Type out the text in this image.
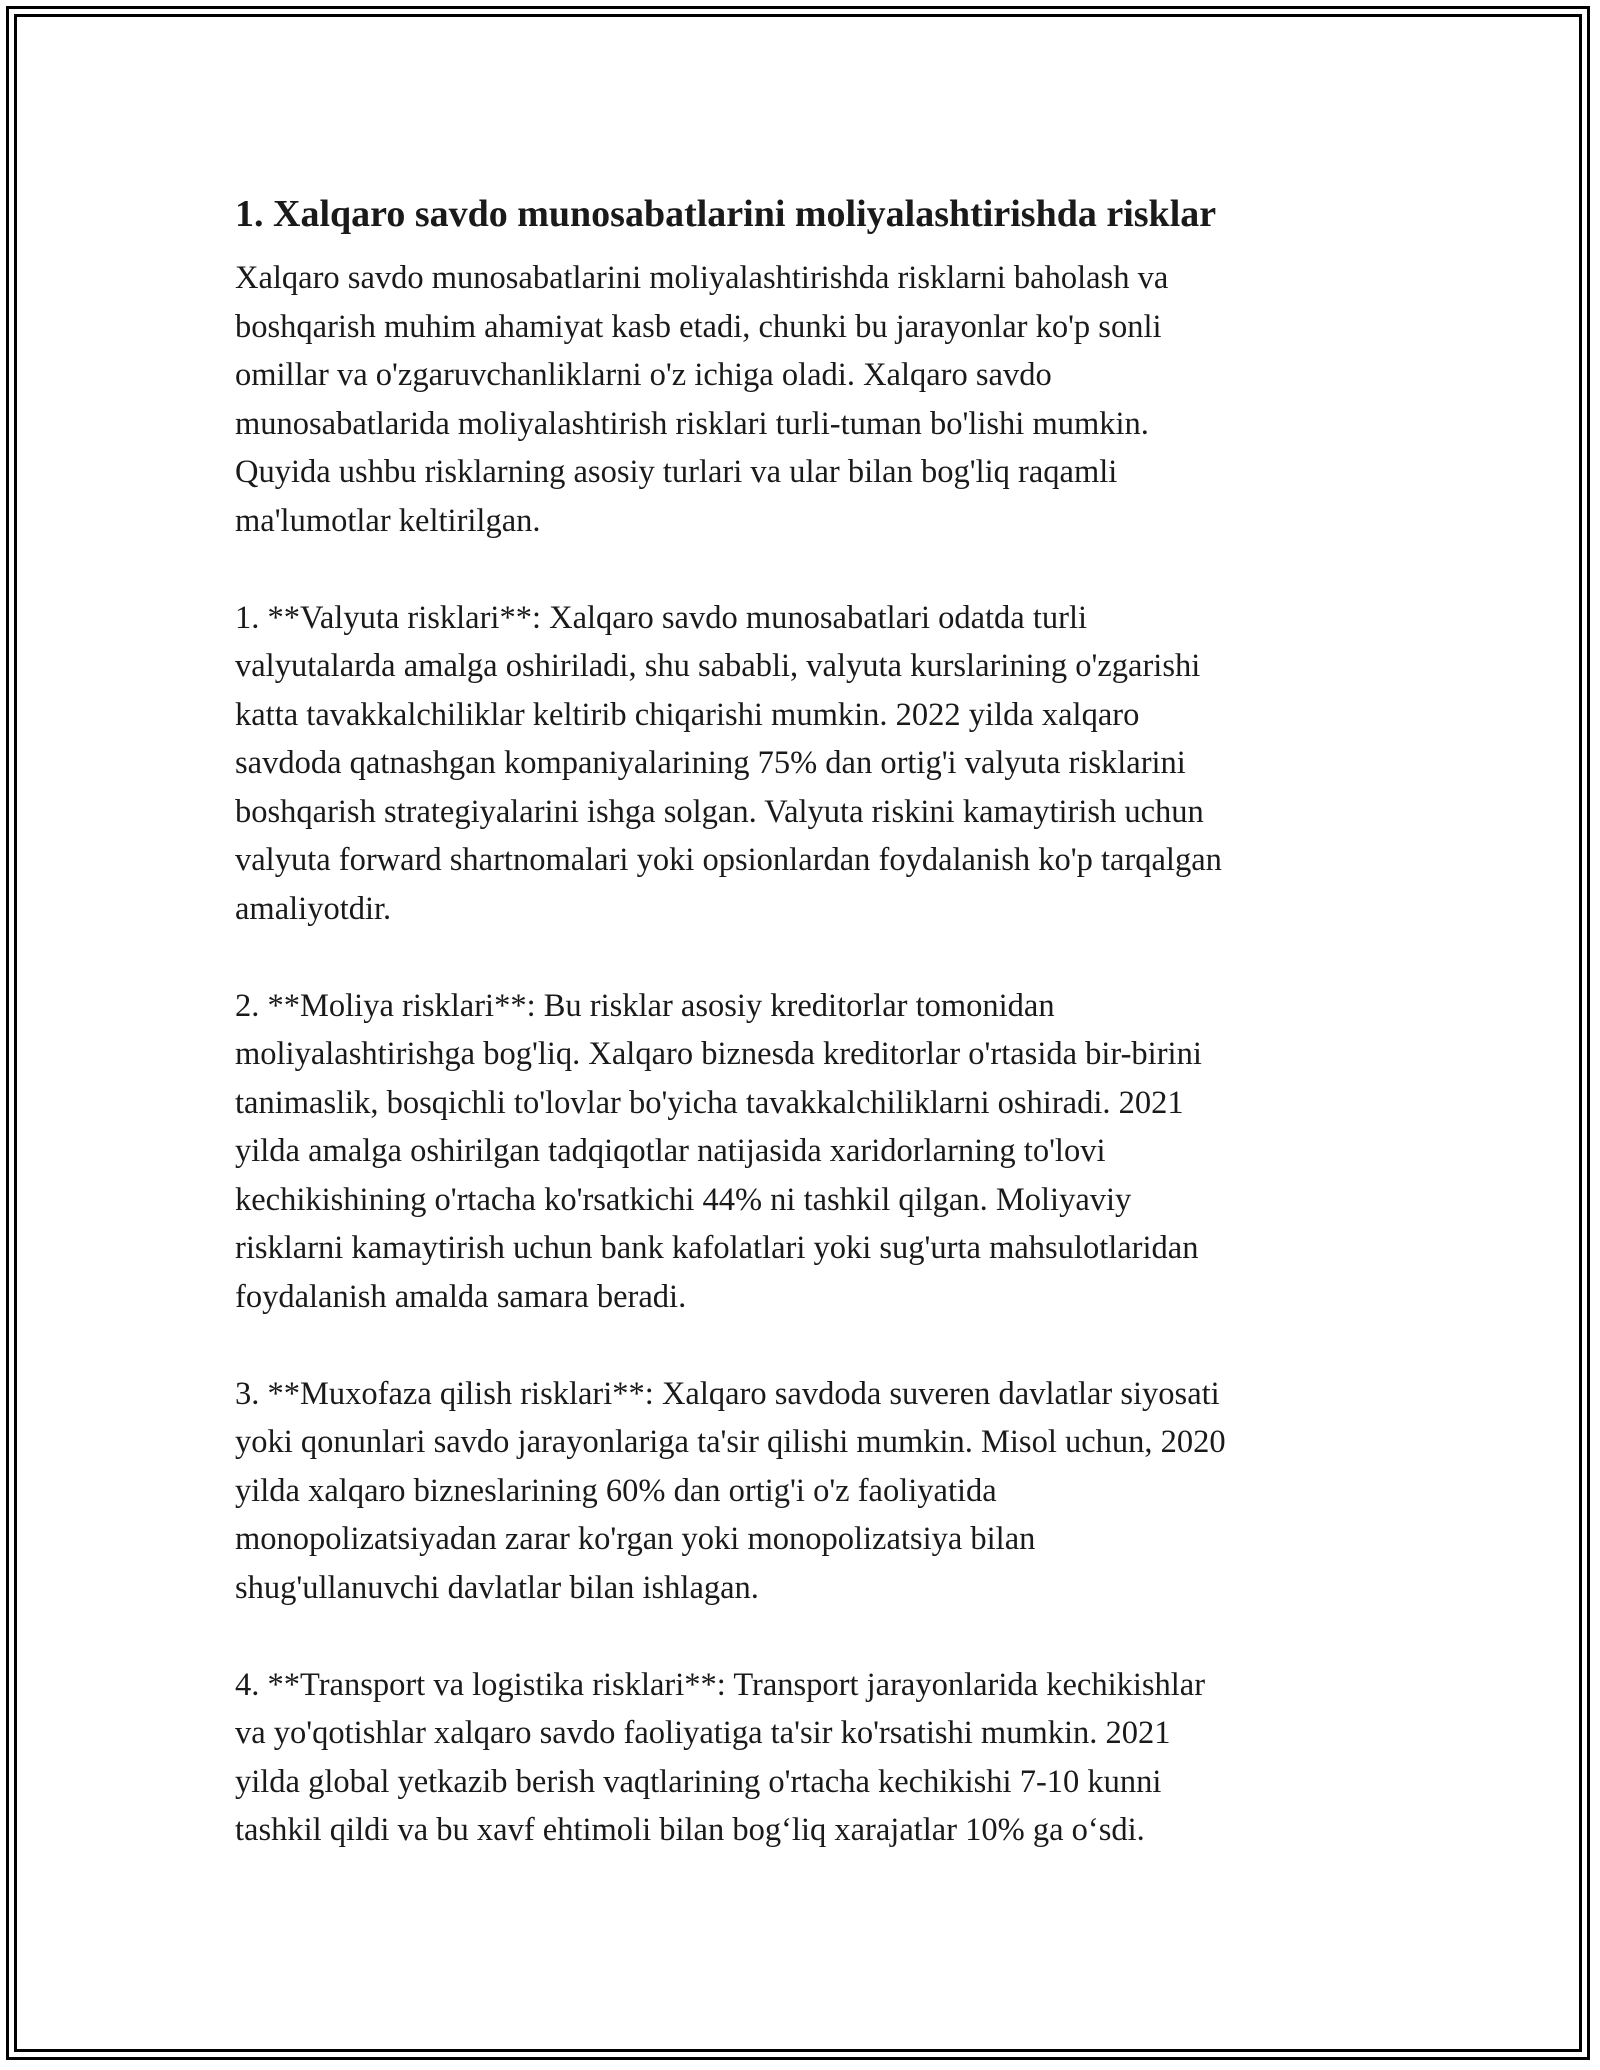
1. Xalqaro savdo munosabatlarini moliyalashtirishda risklar
Xalqaro savdo munosabatlarini moliyalashtirishda risklarni baholash va
boshqarish muhim ahamiyat kasb etadi, chunki bu jarayonlar ko'p sonli
omillar va o'zgaruvchanliklarni o'z ichiga oladi. Xalqaro savdo
munosabatlarida moliyalashtirish risklari turli-tuman bo'lishi mumkin.
Quyida ushbu risklarning asosiy turlari va ular bilan bog'liq raqamli
ma'lumotlar keltirilgan.
1. **Valyuta risklari**: Xalqaro savdo munosabatlari odatda turli
valyutalarda amalga oshiriladi, shu sababli, valyuta kurslarining o'zgarishi
katta tavakkalchiliklar keltirib chiqarishi mumkin. 2022 yilda xalqaro
savdoda qatnashgan kompaniyalarining 75% dan ortig'i valyuta risklarini
boshqarish strategiyalarini ishga solgan. Valyuta riskini kamaytirish uchun
valyuta forward shartnomalari yoki opsionlardan foydalanish ko'p tarqalgan
amaliyotdir.
2. **Moliya risklari**: Bu risklar asosiy kreditorlar tomonidan
moliyalashtirishga bog'liq. Xalqaro biznesda kreditorlar o'rtasida bir-birini
tanimaslik, bosqichli to'lovlar bo'yicha tavakkalchiliklarni oshiradi. 2021
yilda amalga oshirilgan tadqiqotlar natijasida xaridorlarning to'lovi
kechikishining o'rtacha ko'rsatkichi 44% ni tashkil qilgan. Moliyaviy
risklarni kamaytirish uchun bank kafolatlari yoki sug'urta mahsulotlaridan
foydalanish amalda samara beradi.
3. **Muxofaza qilish risklari**: Xalqaro savdoda suveren davlatlar siyosati
yoki qonunlari savdo jarayonlariga ta'sir qilishi mumkin. Misol uchun, 2020
yilda xalqaro bizneslarining 60% dan ortig'i o'z faoliyatida
monopolizatsiyadan zarar ko'rgan yoki monopolizatsiya bilan
shug'ullanuvchi davlatlar bilan ishlagan.
4. **Transport va logistika risklari**: Transport jarayonlarida kechikishlar
va yo'qotishlar xalqaro savdo faoliyatiga ta'sir ko'rsatishi mumkin. 2021
yilda global yetkazib berish vaqtlarining o'rtacha kechikishi 7-10 kunni
tashkil qildi va bu xavf ehtimoli bilan bog‘liq xarajatlar 10% ga o‘sdi.
